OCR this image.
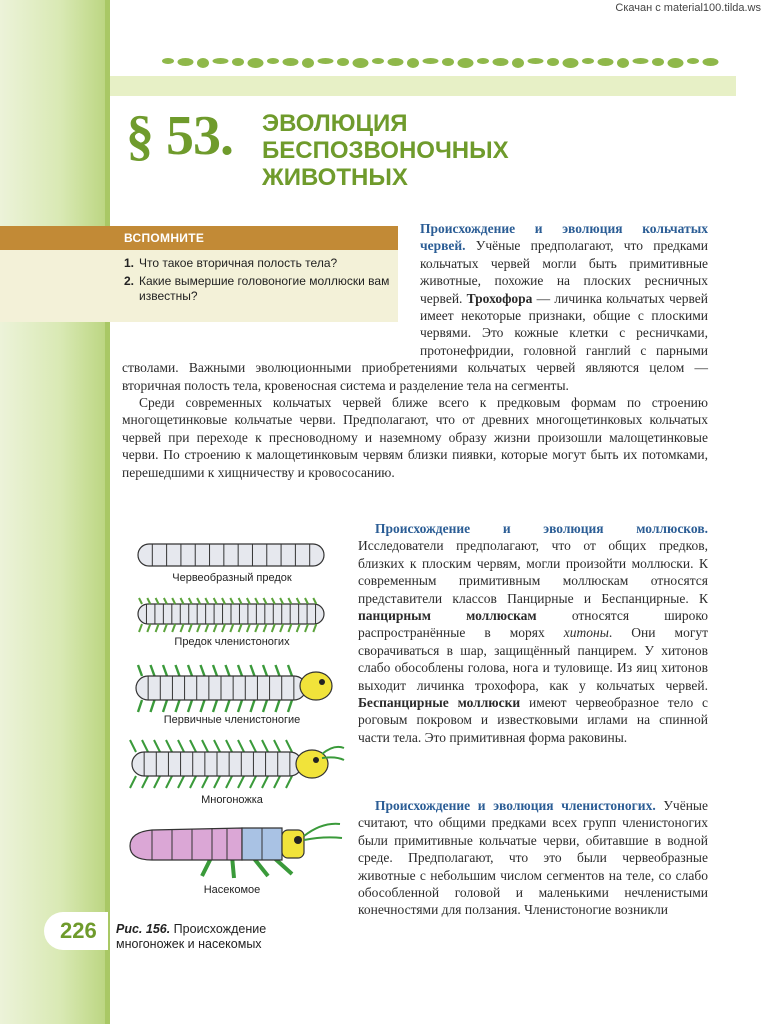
Скачан с material100.tilda.ws
§ 53. ЭВОЛЮЦИЯ
БЕСПОЗВОНОЧНЫХ
ЖИВОТНЫХ
ВСПОМНИТЕ
1. Что такое вторичная полость тела?
2. Какие вымершие головоногие моллюски вам известны?
Происхождение и эволюция кольчатых червей. Учёные предполагают, что предками кольчатых червей могли быть примитивные животные, похожие на плоских ресничных червей. Трохофора — личинка кольчатых червей имеет некоторые признаки, общие с плоскими червями. Это кожные клетки с ресничками, протонефридии, головной ганглий с парными стволами. Важными эволюционными приобретениями кольчатых червей являются целом — вторичная полость тела, кровеносная система и разделение тела на сегменты.
Среди современных кольчатых червей ближе всего к предковым формам по строению многощетинковые кольчатые черви. Предполагают, что от древних многощетинковых кольчатых червей при переходе к пресноводному и наземному образу жизни произошли малощетинковые черви. По строению к малощетинковым червям близки пиявки, которые могут быть их потомками, перешедшими к хищничеству и кровососанию.
Червеобразный предок
Предок членистоногих
Первичные членистоногие
Многоножка
Насекомое
Рис. 156. Происхождение многоножек и насекомых
Происхождение и эволюция моллюсков. Исследователи предполагают, что от общих предков, близких к плоским червям, могли произойти моллюски. К современным примитивным моллюскам относятся представители классов Панцирные и Беспанцирные. К панцирным моллюскам относятся широко распространённые в морях хитоны. Они могут сворачиваться в шар, защищённый панцирем. У хитонов слабо обособлены голова, нога и туловище. Из яиц хитонов выходит личинка трохофора, как у кольчатых червей. Беспанцирные моллюски имеют червеобразное тело с роговым покровом и известковыми иглами на спинной части тела. Это примитивная форма раковины.
Происхождение и эволюция членистоногих. Учёные считают, что общими предками всех групп членистоногих были примитивные кольчатые черви, обитавшие в водной среде. Предполагают, что это были червеобразные животные с небольшим числом сегментов на теле, со слабо обособленной головой и маленькими нечленистыми конечностями для ползания. Членистоногие возникли
226
